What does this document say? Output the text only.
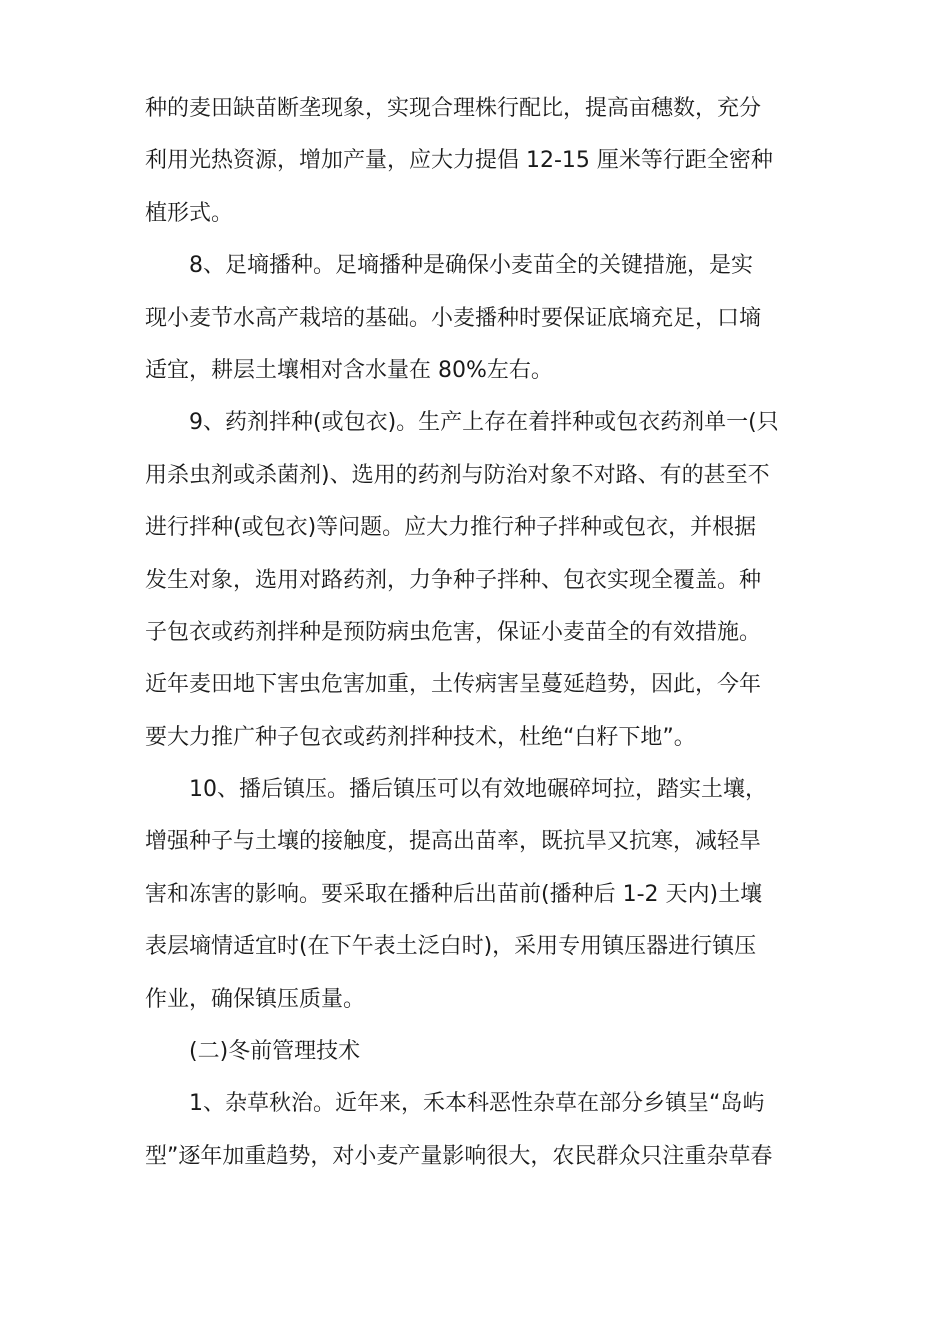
种的麦田缺苗断垄现象，实现合理株行配比，提高亩穗数，充分
利用光热资源，增加产量，应大力提倡 12-15 厘米等行距全密种
植形式。
　　8、足墒播种。足墒播种是确保小麦苗全的关键措施，是实
现小麦节水高产栽培的基础。小麦播种时要保证底墒充足，口墒
适宜，耕层土壤相对含水量在 80%左右。
　　9、药剂拌种(或包衣)。生产上存在着拌种或包衣药剂单一(只
用杀虫剂或杀菌剂)、选用的药剂与防治对象不对路、有的甚至不
进行拌种(或包衣)等问题。应大力推行种子拌种或包衣，并根据
发生对象，选用对路药剂，力争种子拌种、包衣实现全覆盖。种
子包衣或药剂拌种是预防病虫危害，保证小麦苗全的有效措施。
近年麦田地下害虫危害加重，土传病害呈蔓延趋势，因此，今年
要大力推广种子包衣或药剂拌种技术，杜绝“白籽下地”。
　　10、播后镇压。播后镇压可以有效地碾碎坷拉，踏实土壤，
增强种子与土壤的接触度，提高出苗率，既抗旱又抗寒，减轻旱
害和冻害的影响。要采取在播种后出苗前(播种后 1-2 天内)土壤
表层墒情适宜时(在下午表土泛白时)，采用专用镇压器进行镇压
作业，确保镇压质量。
　　(二)冬前管理技术
　　1、杂草秋治。近年来，禾本科恶性杂草在部分乡镇呈“岛屿
型”逐年加重趋势，对小麦产量影响很大，农民群众只注重杂草春
